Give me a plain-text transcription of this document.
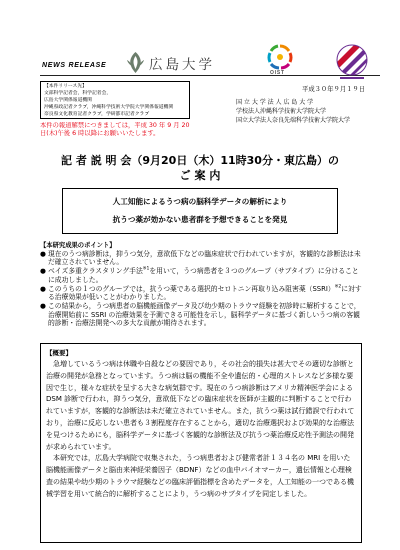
NEWS RELEASE	広島大学	OIST
【本件リリース先】
文部科学記者会，科学記者会，
広島大学関係報道機関
沖縄県政記者クラブ，沖縄科学技術大学院大学関係報道機関
奈良県文化教育記者クラブ，学研都市記者クラブ
本件の報道解禁につきましては，平成 30 年 9 月 20 日(木)午後 6 時以降にお願いいたします。
平成３０年９月１９日
国 立 大 学 法 人 広 島 大 学
学校法人沖縄科学技術大学院大学
国立大学法人奈良先端科学技術大学院大学
記 者 説 明 会（9月20日（木）11時30分・東広島）の
ご 案 内
人工知能によるうつ病の脳科学データの解析により
抗うつ薬が効かない患者群を予想できることを発見
【本研究成果のポイント】
● 現在のうつ病診断は，抑うつ気分，意欲低下などの臨床症状で行われていますが，客観的な診断法は未だ確立されていません。
● ベイズ多重クラスタリング手法$^{※1}$を用いて，うつ病患者を３つのグループ（サブタイプ）に分けることに成功しました。
● このうちの１つのグループでは，抗うつ薬である選択的セロトニン再取り込み阻害薬（SSRI）$^{※2}$に対する治療効果が低いことがわかりました。
● この結果から，うつ病患者の脳機能画像データ及び幼少期のトラウマ経験を初診時に解析することで，治療開始前に SSRI の治療効果を予測できる可能性を示し，脳科学データに基づく新しいうつ病の客観的診断・治療法開発への多大な貢献が期待されます。
【概要】

急増しているうつ病は休職や自殺などの要因であり，その社会的損失は甚大でその適切な診断と治療の開発が急務となっています。うつ病は脳の機能不全や遺伝的・心理的ストレスなど多様な要因で生じ，様々な症状を呈する大きな病気群です。現在のうつ病診断はアメリカ精神医学会による DSM 診断で行われ，抑うつ気分，意欲低下などの臨床症状を医師が主観的に判断することで行われていますが，客観的な診断法は未だ確立されていません。また，抗うつ薬は試行錯誤で行われており，治療に反応しない患者も３割程度存在することから，適切な治療選択および効果的な治療法を見つけるためにも，脳科学データに基づく客観的な診断法及び抗うつ薬治療反応性予測法の開発が求められています。

本研究では，広島大学病院で収集された，うつ病患者および健常者計１３４名の MRI を用いた脳機能画像データと脳由来神経栄養因子（BDNF）などの血中バイオマーカー，遺伝情報と心理検査の結果や幼少期のトラウマ経験などの臨床評価指標を含めたデータを，人工知能の一つである機械学習を用いて統合的に解析することにより，うつ病のサブタイプを同定しました。
